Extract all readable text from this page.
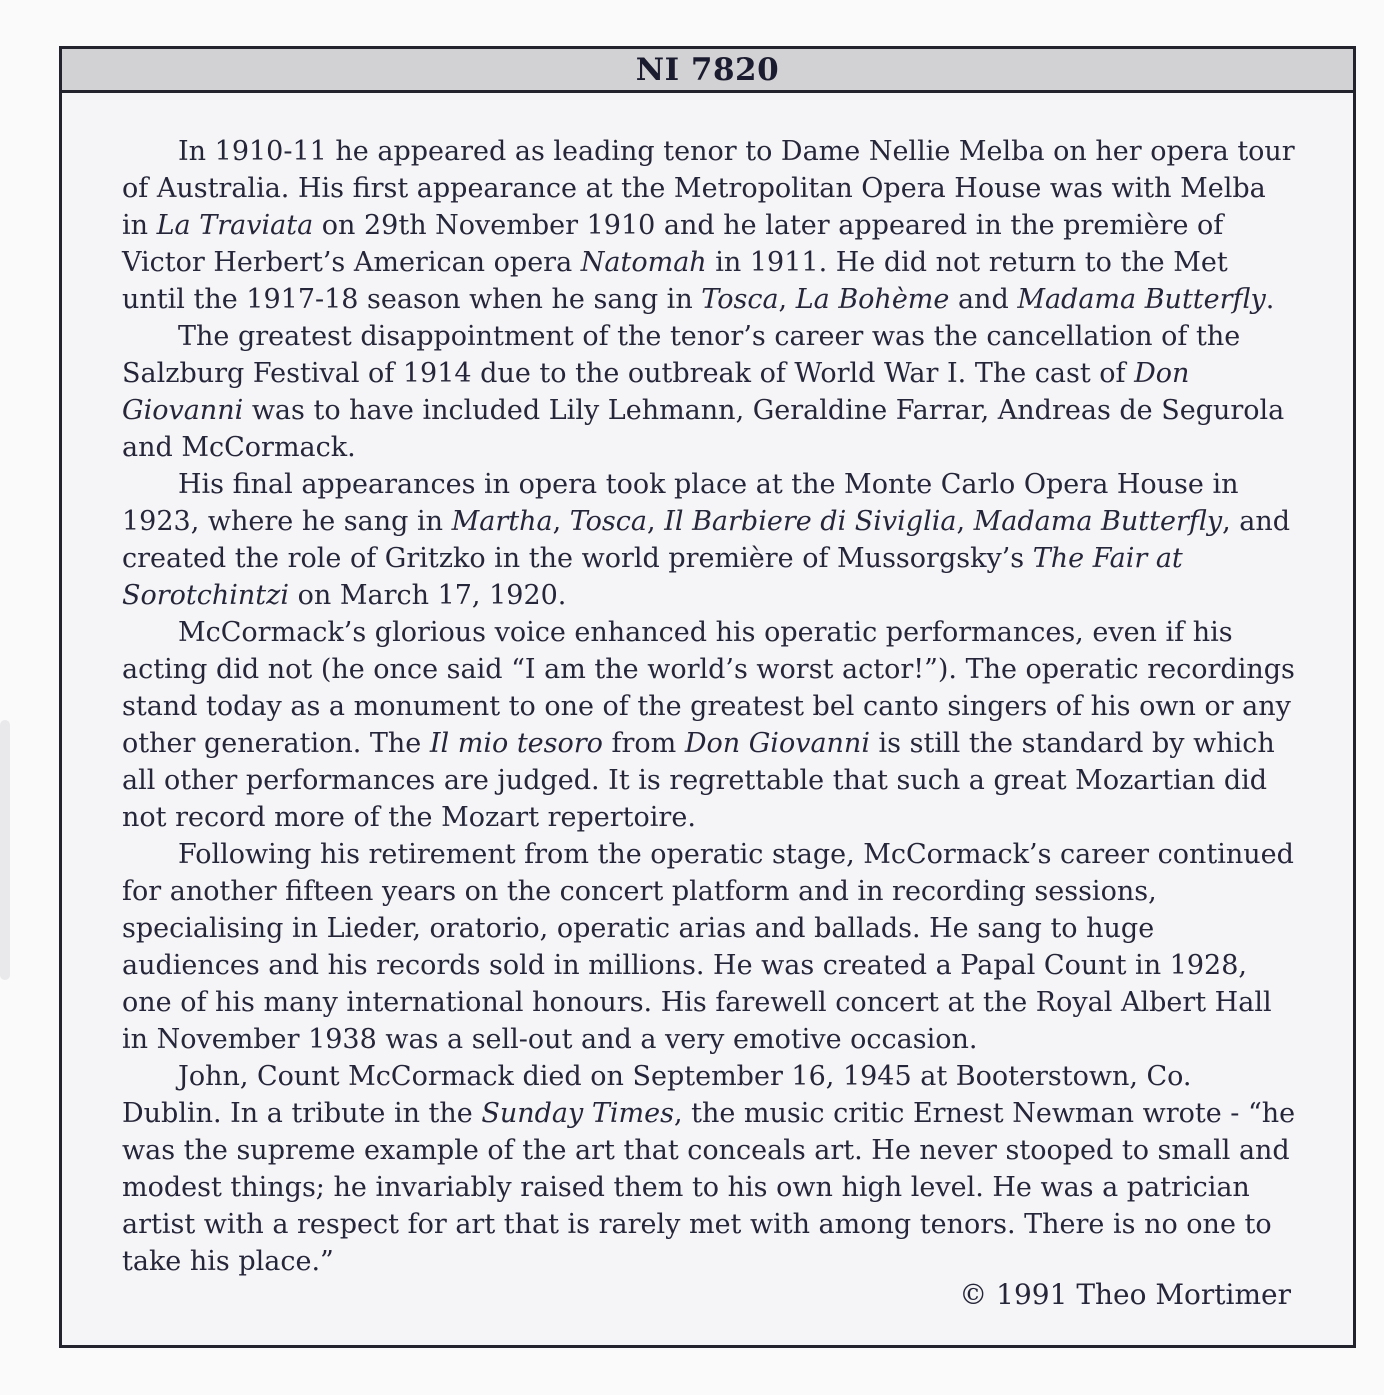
NI 7820

In 1910-11 he appeared as leading tenor to Dame Nellie Melba on her opera tour of Australia. His first appearance at the Metropolitan Opera House was with Melba in La Traviata on 29th November 1910 and he later appeared in the première of Victor Herbert’s American opera Natomah in 1911. He did not return to the Met until the 1917-18 season when he sang in Tosca, La Bohème and Madama Butterfly.

The greatest disappointment of the tenor’s career was the cancellation of the Salzburg Festival of 1914 due to the outbreak of World War I. The cast of Don Giovanni was to have included Lily Lehmann, Geraldine Farrar, Andreas de Segurola and McCormack.

His final appearances in opera took place at the Monte Carlo Opera House in 1923, where he sang in Martha, Tosca, Il Barbiere di Siviglia, Madama Butterfly, and created the role of Gritzko in the world première of Mussorgsky’s The Fair at Sorotchintzi on March 17, 1920.

McCormack’s glorious voice enhanced his operatic performances, even if his acting did not (he once said “I am the world’s worst actor!”). The operatic recordings stand today as a monument to one of the greatest bel canto singers of his own or any other generation. The Il mio tesoro from Don Giovanni is still the standard by which all other performances are judged. It is regrettable that such a great Mozartian did not record more of the Mozart repertoire.

Following his retirement from the operatic stage, McCormack’s career continued for another fifteen years on the concert platform and in recording sessions, specialising in Lieder, oratorio, operatic arias and ballads. He sang to huge audiences and his records sold in millions. He was created a Papal Count in 1928, one of his many international honours. His farewell concert at the Royal Albert Hall in November 1938 was a sell-out and a very emotive occasion.

John, Count McCormack died on September 16, 1945 at Booterstown, Co. Dublin. In a tribute in the Sunday Times, the music critic Ernest Newman wrote - “he was the supreme example of the art that conceals art. He never stooped to small and modest things; he invariably raised them to his own high level. He was a patrician artist with a respect for art that is rarely met with among tenors. There is no one to take his place.”

© 1991 Theo Mortimer
